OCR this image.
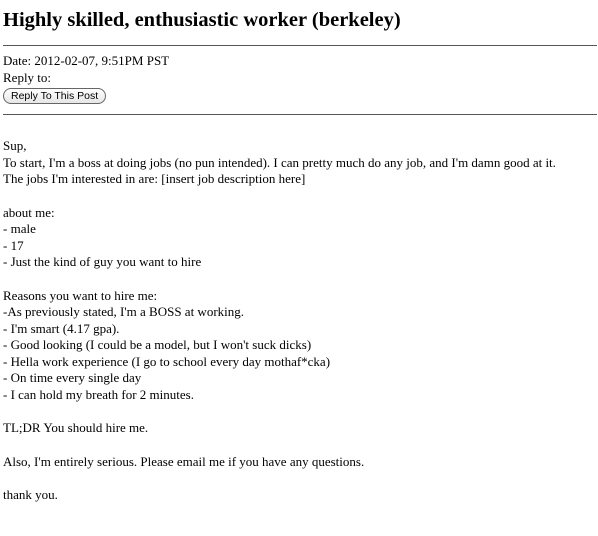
Highly skilled, enthusiastic worker (berkeley)
Date: 2012-02-07, 9:51PM PST
Reply to:
Reply To This Post
Sup,
To start, I'm a boss at doing jobs (no pun intended). I can pretty much do any job, and I'm damn good at it.
The jobs I'm interested in are: [insert job description here]
about me:
- male
- 17
- Just the kind of guy you want to hire
Reasons you want to hire me:
-As previously stated, I'm a BOSS at working.
- I'm smart (4.17 gpa).
- Good looking (I could be a model, but I won't suck dicks)
- Hella work experience (I go to school every day mothaf*cka)
- On time every single day
- I can hold my breath for 2 minutes.
TL;DR You should hire me.
Also, I'm entirely serious. Please email me if you have any questions.
thank you.
